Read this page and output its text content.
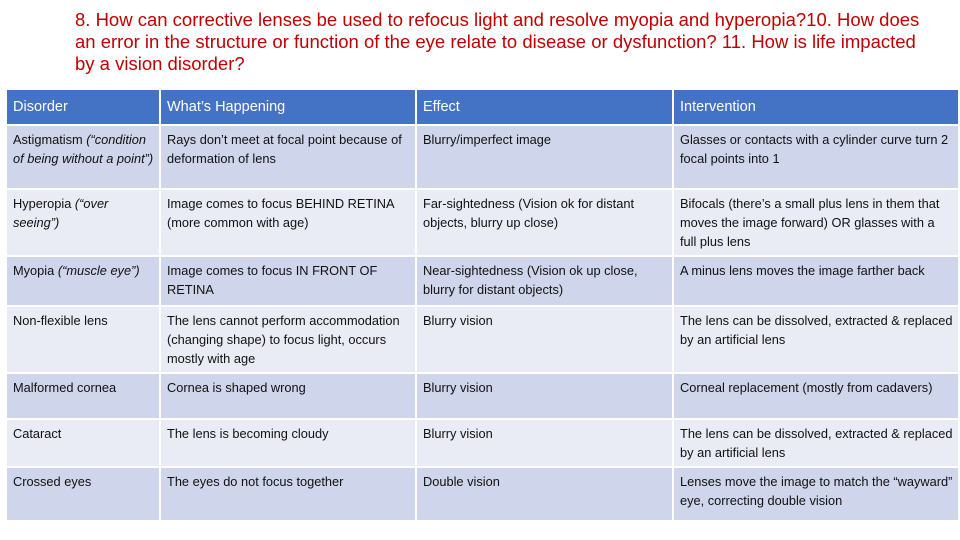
8. How can corrective lenses be used to refocus light and resolve myopia and hyperopia?10. How does an error in the structure or function of the eye relate to disease or dysfunction? 11. How is life impacted by a vision disorder?
Disorder	What’s Happening	Effect	Intervention
Astigmatism (“condition of being without a point”)	Rays don’t meet at focal point because of deformation of lens	Blurry/imperfect image	Glasses or contacts with a cylinder curve turn 2 focal points into 1
Hyperopia (“over seeing”)	Image comes to focus BEHIND RETINA (more common with age)	Far-sightedness (Vision ok for distant objects, blurry up close)	Bifocals (there’s a small plus lens in them that moves the image forward) OR glasses with a full plus lens
Myopia (“muscle eye”)	Image comes to focus IN FRONT OF RETINA	Near-sightedness (Vision ok up close, blurry for distant objects)	A minus lens moves the image farther back
Non-flexible lens	The lens cannot perform accommodation (changing shape) to focus light, occurs mostly with age	Blurry vision	The lens can be dissolved, extracted & replaced by an artificial lens
Malformed cornea	Cornea is shaped wrong	Blurry vision	Corneal replacement (mostly from cadavers)
Cataract	The lens is becoming cloudy	Blurry vision	The lens can be dissolved, extracted & replaced by an artificial lens
Crossed eyes	The eyes do not focus together	Double vision	Lenses move the image to match the “wayward” eye, correcting double vision
